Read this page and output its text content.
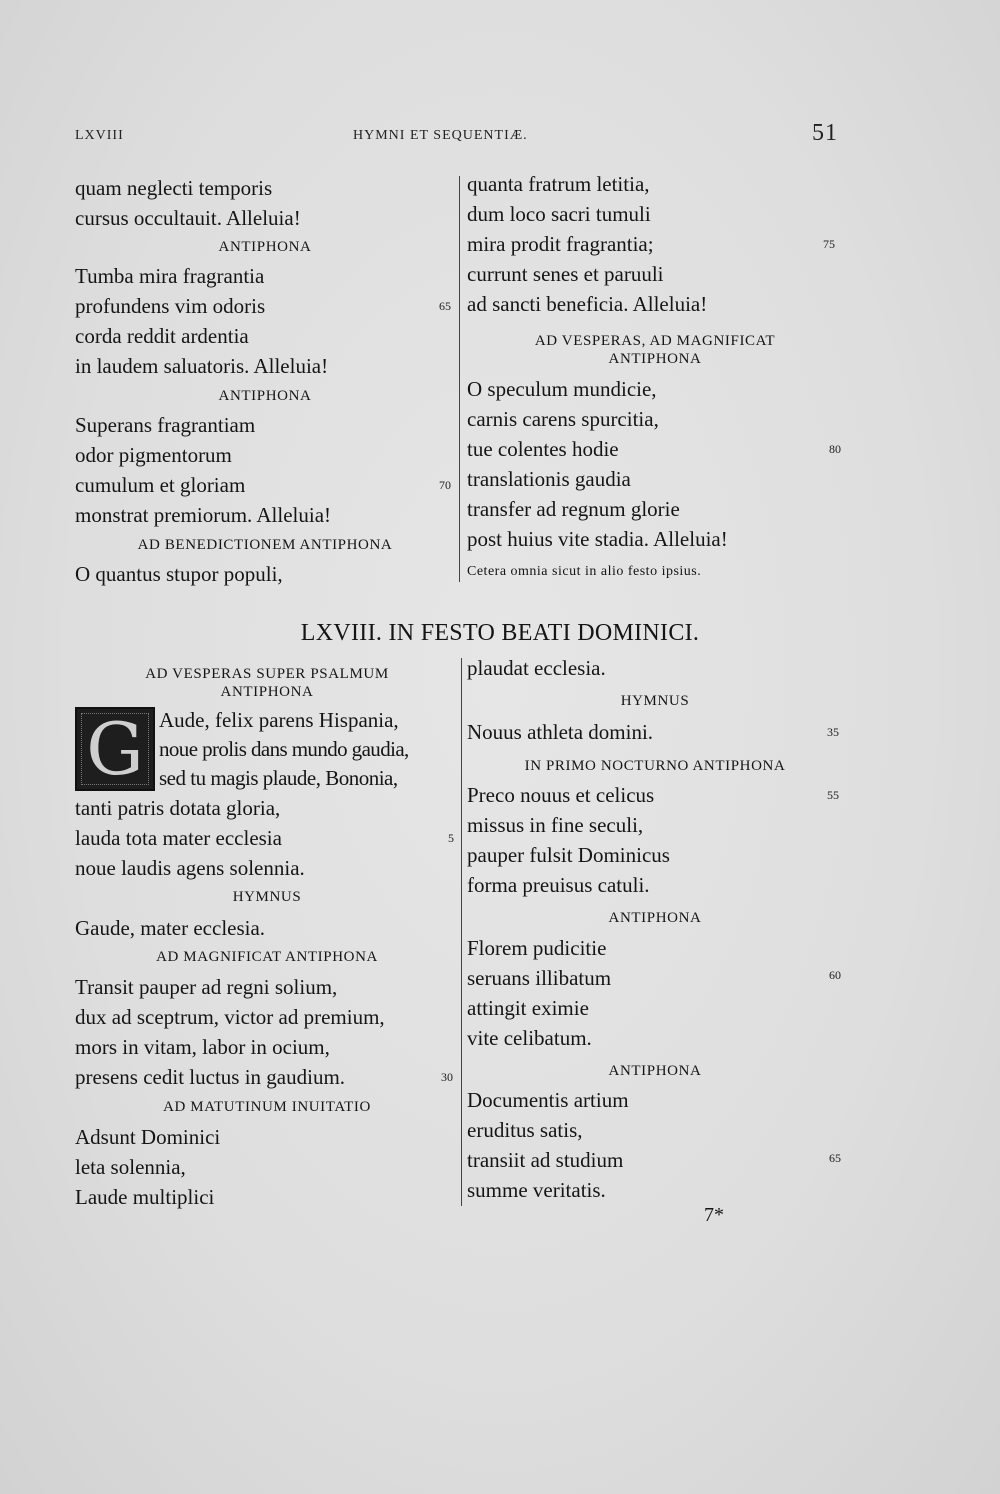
LXVIII	HYMNI ET SEQUENTIÆ.	51
quam neglecti temporis
cursus occultauit. Alleluia!
ANTIPHONA
Tumba mira fragrantia
profundens vim odoris	65
corda reddit ardentia
in laudem saluatoris. Alleluia!
ANTIPHONA
Superans fragrantiam
odor pigmentorum
cumulum et gloriam	70
monstrat premiorum. Alleluia!
AD BENEDICTIONEM ANTIPHONA
O quantus stupor populi,
quanta fratrum letitia,
dum loco sacri tumuli
mira prodit fragrantia;	75
currunt senes et paruuli
ad sancti beneficia. Alleluia!
AD VESPERAS, AD MAGNIFICAT
ANTIPHONA
O speculum mundicie,
carnis carens spurcitia,
tue colentes hodie	80
translationis gaudia
transfer ad regnum glorie
post huius vite stadia. Alleluia!
Cetera omnia sicut in alio festo ipsius.
LXVIII. IN FESTO BEATI DOMINICI.
AD VESPERAS SUPER PSALMUM
ANTIPHONA
G Aude, felix parens Hispania,
noue prolis dans mundo gaudia,
sed tu magis plaude, Bononia,
tanti patris dotata gloria,
lauda tota mater ecclesia	5
noue laudis agens solennia.
HYMNUS
Gaude, mater ecclesia.
AD MAGNIFICAT ANTIPHONA
Transit pauper ad regni solium,
dux ad sceptrum, victor ad premium,
mors in vitam, labor in ocium,
presens cedit luctus in gaudium.	30
AD MATUTINUM INUITATIO
Adsunt Dominici
leta solennia,
Laude multiplici
plaudat ecclesia.
HYMNUS
Nouus athleta domini.	35
IN PRIMO NOCTURNO ANTIPHONA
Preco nouus et celicus	55
missus in fine seculi,
pauper fulsit Dominicus
forma preuisus catuli.
ANTIPHONA
Florem pudicitie
seruans illibatum	60
attingit eximie
vite celibatum.
ANTIPHONA
Documentis artium
eruditus satis,
transiit ad studium	65
summe veritatis.
7*
